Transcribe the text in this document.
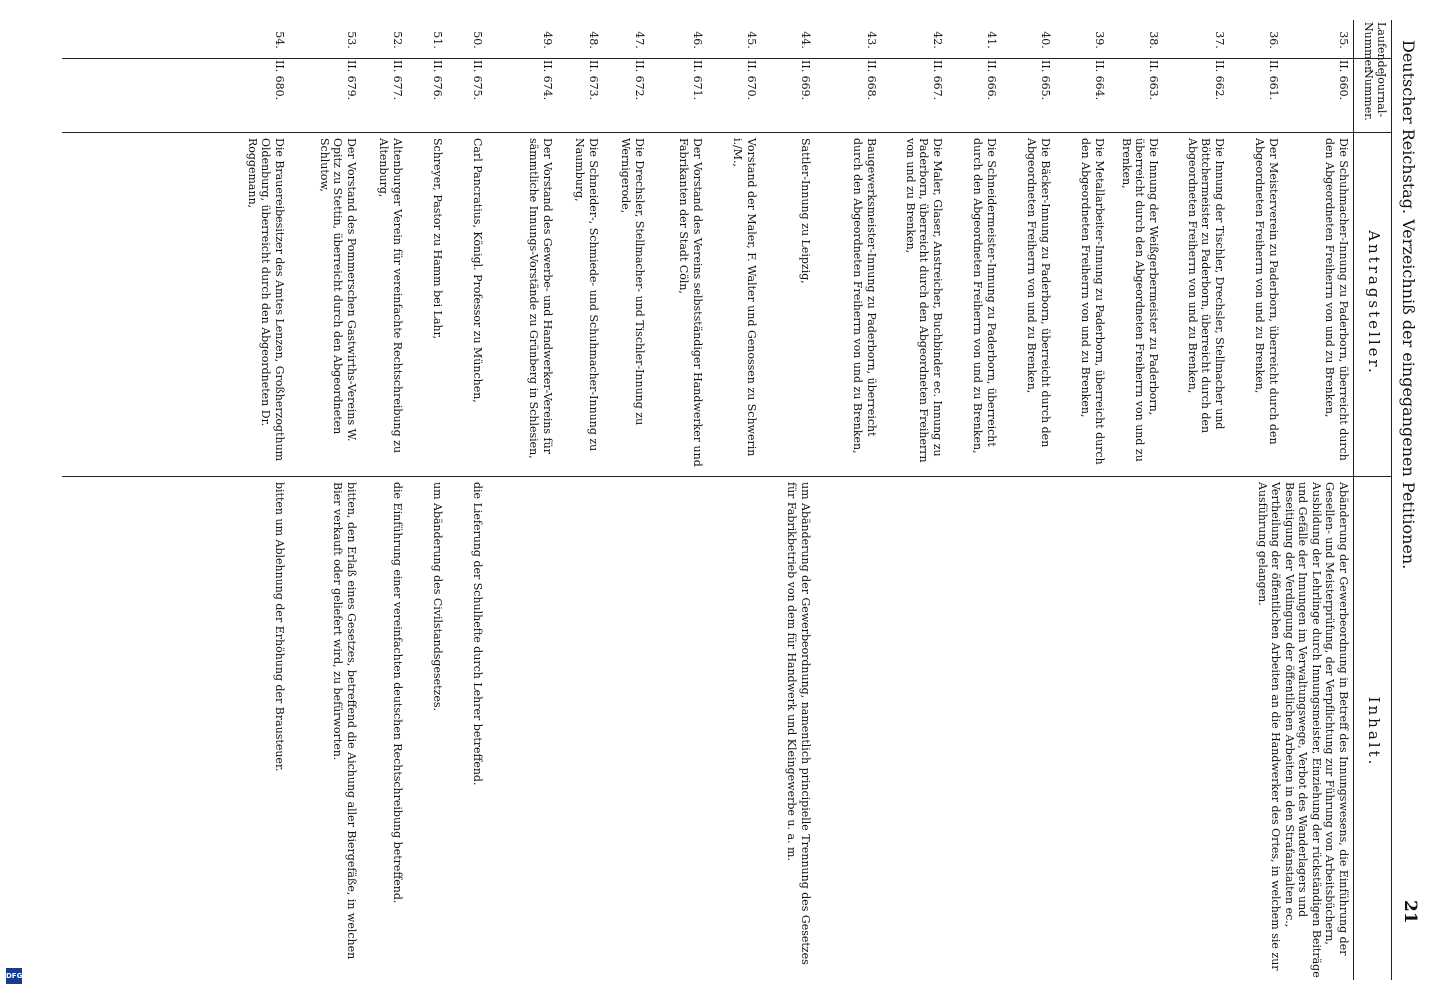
Deutscher Reichstag. Verzeichniß der eingegangenen Petitionen.
21
Laufende
Nummer.
Journal-
Nummer.
Antragsteller.
Inhalt.
35.
II. 660.
Die Schuhmacher-Innung zu Paderborn, überreicht durch den Abgeordneten Freiherrn von und zu Brenken,
Abänderung der Gewerbeordnung in Betreff des Innungswesens, die Einführung der Gesellen- und Meisterprüfung, der Verpflichtung zur Führung von Arbeitsbüchern, Ausbildung der Lehrlinge durch Innungsmeister, Einziehung der rückständigen Beiträge und Gefälle der Innungen im Verwaltungswege, Verbot des Wanderlagers und Beseitigung der Verdingung der öffentlichen Arbeiten in den Strafanstalten ec., Vertheilung der öffentlichen Arbeiten an die Handwerker des Ortes, in welchem sie zur Ausführung gelangen.
36.
II. 661.
Der Meisterverein zu Paderborn, überreicht durch den Abgeordneten Freiherrn von und zu Brenken,
37.
II. 662.
Die Innung der Tischler, Drechsler, Stellmacher und Böttchermeister zu Paderborn, überreicht durch den Abgeordneten Freiherrn von und zu Brenken,
38.
II. 663.
Die Innung der Weißgerbermeister zu Paderborn, überreicht durch den Abgeordneten Freiherrn von und zu Brenken,
39.
II. 664.
Die Metallarbeiter-Innung zu Paderborn, überreicht durch den Abgeordneten Freiherrn von und zu Brenken,
40.
II. 665.
Die Bäcker-Innung zu Paderborn, überreicht durch den Abgeordneten Freiherrn von und zu Brenken,
41.
II. 666.
Die Schneidermeister-Innung zu Paderborn, überreicht durch den Abgeordneten Freiherrn von und zu Brenken,
42.
II. 667.
Die Maler, Glaser, Anstreicher, Buchbinder ec. Innung zu Paderborn, überreicht durch den Abgeordneten Freiherrn von und zu Brenken,
43.
II. 668.
Baugewerksmeister-Innung zu Paderborn, überreicht durch den Abgeordneten Freiherrn von und zu Brenken,
44.
II. 669.
Sattler-Innung zu Leipzig,
um Abänderung der Gewerbeordnung, namentlich principielle Trennung des Gesetzes für Fabrikbetrieb von dem für Handwerk und Kleingewerbe u. a. m.
45.
II. 670.
Vorstand der Maler, F. Walter und Genossen zu Schwerin i./M.,
46.
II. 671.
Der Vorstand des Vereins selbstständiger Handwerker und Fabrikanten der Stadt Cöln,
47.
II. 672.
Die Drechsler, Stellmacher- und Tischler-Innung zu Wernigerode,
48.
II. 673.
Die Schneider-, Schmiede- und Schuhmacher-Innung zu Naumburg,
49.
II. 674.
Der Vorstand des Gewerbe- und Handwerker-Vereins für sämmtliche Innungs-Vorstände zu Grünberg in Schlesien,
50.
II. 675.
Carl Pancratius, Königl. Professor zu München,
die Lieferung der Schulhefte durch Lehrer betreffend.
51.
II. 676.
Schreyer, Pastor zu Hamm bei Lahr,
um Abänderung des Civilstandsgesetzes.
52.
II. 677.
Altenburger Verein für vereinfachte Rechtschreibung zu Altenburg,
die Einführung einer vereinfachten deutschen Rechtschreibung betreffend.
53.
II. 679.
Der Vorstand des Pommerschen Gastwirths-Vereins W. Opitz zu Stettin, überreicht durch den Abgeordneten Schlutow,
bitten, den Erlaß eines Gesetzes, betreffend die Aichung aller Biergefäße, in welchen Bier verkauft oder geliefert wird, zu befürworten.
54.
II. 680.
Die Brauereibesitzer des Amtes Lenzen, Großherzogthum Oldenburg, überreicht durch den Abgeordneten Dr. Roggemann,
bitten um Ablehnung der Erhöhung der Brausteuer.
DFG
